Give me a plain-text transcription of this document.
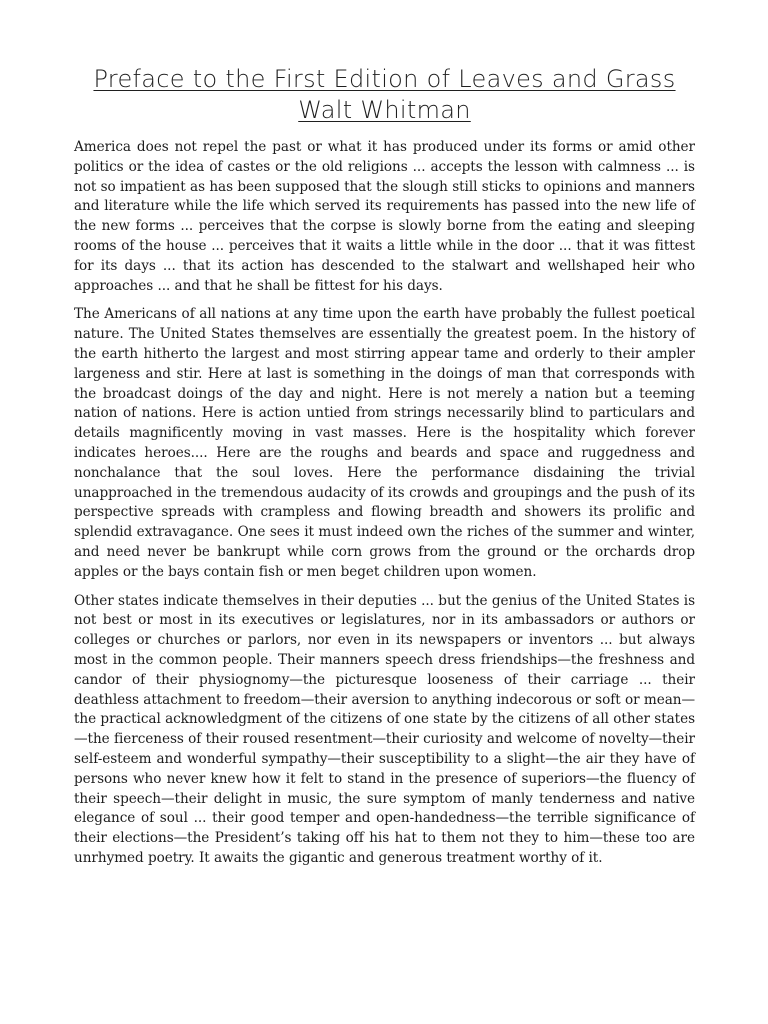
Preface to the First Edition of Leaves and Grass
Walt Whitman

America does not repel the past or what it has produced under its forms or amid other politics or the idea of castes or the old religions ... accepts the lesson with calmness ... is not so impatient as has been supposed that the slough still sticks to opinions and manners and literature while the life which served its requirements has passed into the new life of the new forms ... perceives that the corpse is slowly borne from the eating and sleeping rooms of the house ... perceives that it waits a little while in the door ... that it was fittest for its days ... that its action has descended to the stalwart and wellshaped heir who approaches ... and that he shall be fittest for his days.

The Americans of all nations at any time upon the earth have probably the fullest poetical nature. The United States themselves are essentially the greatest poem. In the history of the earth hitherto the largest and most stirring appear tame and orderly to their ampler largeness and stir. Here at last is something in the doings of man that corresponds with the broadcast doings of the day and night. Here is not merely a nation but a teeming nation of nations. Here is action untied from strings necessarily blind to particulars and details magnificently moving in vast masses. Here is the hospitality which forever indicates heroes.... Here are the roughs and beards and space and ruggedness and nonchalance that the soul loves. Here the performance disdaining the trivial unapproached in the tremendous audacity of its crowds and groupings and the push of its perspective spreads with crampless and flowing breadth and showers its prolific and splendid extravagance. One sees it must indeed own the riches of the summer and winter, and need never be bankrupt while corn grows from the ground or the orchards drop apples or the bays contain fish or men beget children upon women.

Other states indicate themselves in their deputies ... but the genius of the United States is not best or most in its executives or legislatures, nor in its ambassadors or authors or colleges or churches or parlors, nor even in its newspapers or inventors ... but always most in the common people. Their manners speech dress friendships—the freshness and candor of their physiognomy—the picturesque looseness of their carriage ... their deathless attachment to freedom—their aversion to anything indecorous or soft or mean—the practical acknowledgment of the citizens of one state by the citizens of all other states—the fierceness of their roused resentment—their curiosity and welcome of novelty—their self-esteem and wonderful sympathy—their susceptibility to a slight—the air they have of persons who never knew how it felt to stand in the presence of superiors—the fluency of their speech—their delight in music, the sure symptom of manly tenderness and native elegance of soul ... their good temper and open-handedness—the terrible significance of their elections—the President’s taking off his hat to them not they to him—these too are unrhymed poetry. It awaits the gigantic and generous treatment worthy of it.
